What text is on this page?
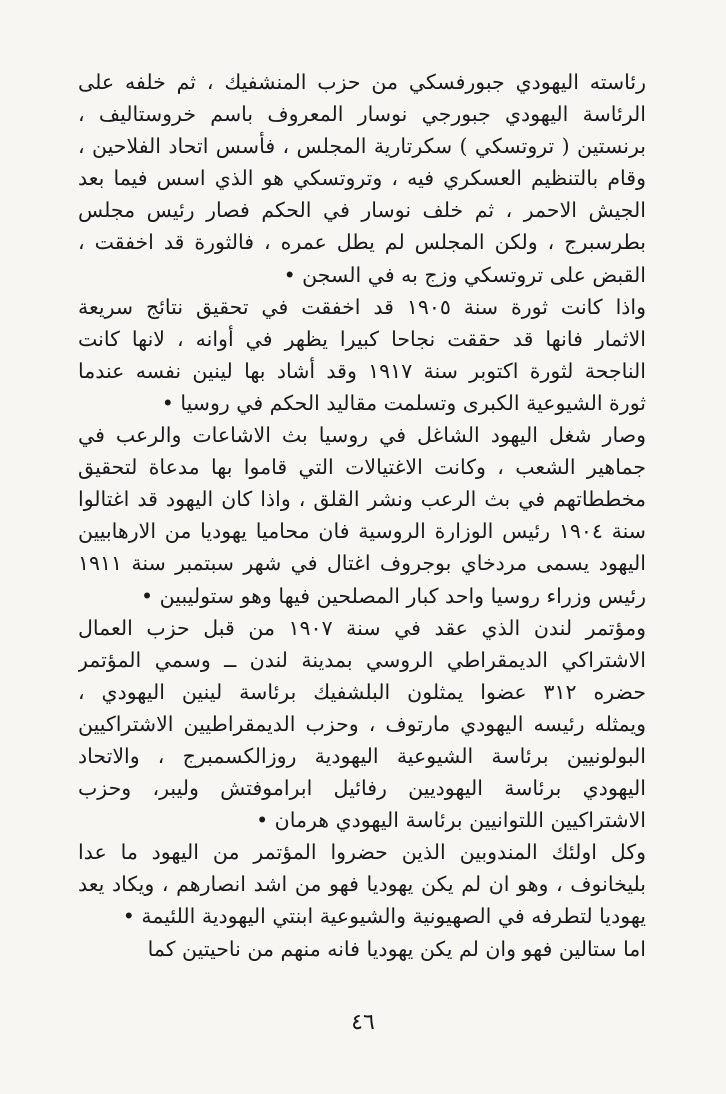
رئاسته اليهودي جبورفسكي من حزب المنشفيك ، ثم خلفه على
الرئاسة اليهودي جبورجي نوسار المعروف باسم خروستاليف ،
برنستين ( تروتسكي ) سكرتارية المجلس ، فأسس اتحاد الفلاحين ،
وقام بالتنظيم العسكري فيه ، وتروتسكي هو الذي اسس فيما بعد
الجيش الاحمر ، ثم خلف نوسار في الحكم فصار رئيس مجلس
بطرسبرج ، ولكن المجلس لم يطل عمره ، فالثورة قد اخفقت ،
القبض على تروتسكي وزج به في السجن •
واذا كانت ثورة سنة ١٩٠٥ قد اخفقت في تحقيق نتائج سريعة
الاثمار فانها قد حققت نجاحا كبيرا يظهر في أوانه ، لانها كانت
الناجحة لثورة اكتوبر سنة ١٩١٧ وقد أشاد بها لينين نفسه عندما
ثورة الشيوعية الكبرى وتسلمت مقاليد الحكم في روسيا •
وصار شغل اليهود الشاغل في روسيا بث الاشاعات والرعب في
جماهير الشعب ، وكانت الاغتيالات التي قاموا بها مدعاة لتحقيق
مخططاتهم في بث الرعب ونشر القلق ، واذا كان اليهود قد اغتالوا
سنة ١٩٠٤ رئيس الوزارة الروسية فان محاميا يهوديا من الارهابيين
اليهود يسمى مردخاي بوجروف اغتال في شهر سبتمبر سنة ١٩١١
رئيس وزراء روسيا واحد كبار المصلحين فيها وهو ستوليبين •
ومؤتمر لندن الذي عقد في سنة ١٩٠٧ من قبل حزب العمال
الاشتراكي الديمقراطي الروسي بمدينة لندن ــ وسمي المؤتمر
حضره ٣١٢ عضوا يمثلون البلشفيك برئاسة لينين اليهودي ،
ويمثله رئيسه اليهودي مارتوف ، وحزب الديمقراطيين الاشتراكيين
البولونيين برئاسة الشيوعية اليهودية روزالكسمبرج ، والاتحاد
اليهودي برئاسة اليهوديين رفائيل ابراموفتش وليبر، وحزب
الاشتراكيين اللتوانيين برئاسة اليهودي هرمان •
وكل اولئك المندوبين الذين حضروا المؤتمر من اليهود ما عدا
بليخانوف ، وهو ان لم يكن يهوديا فهو من اشد انصارهم ، ويكاد يعد
يهوديا لتطرفه في الصهيونية والشيوعية ابنتي اليهودية اللئيمة •
اما ستالين فهو وان لم يكن يهوديا فانه منهم من ناحيتين كما
٤٦
